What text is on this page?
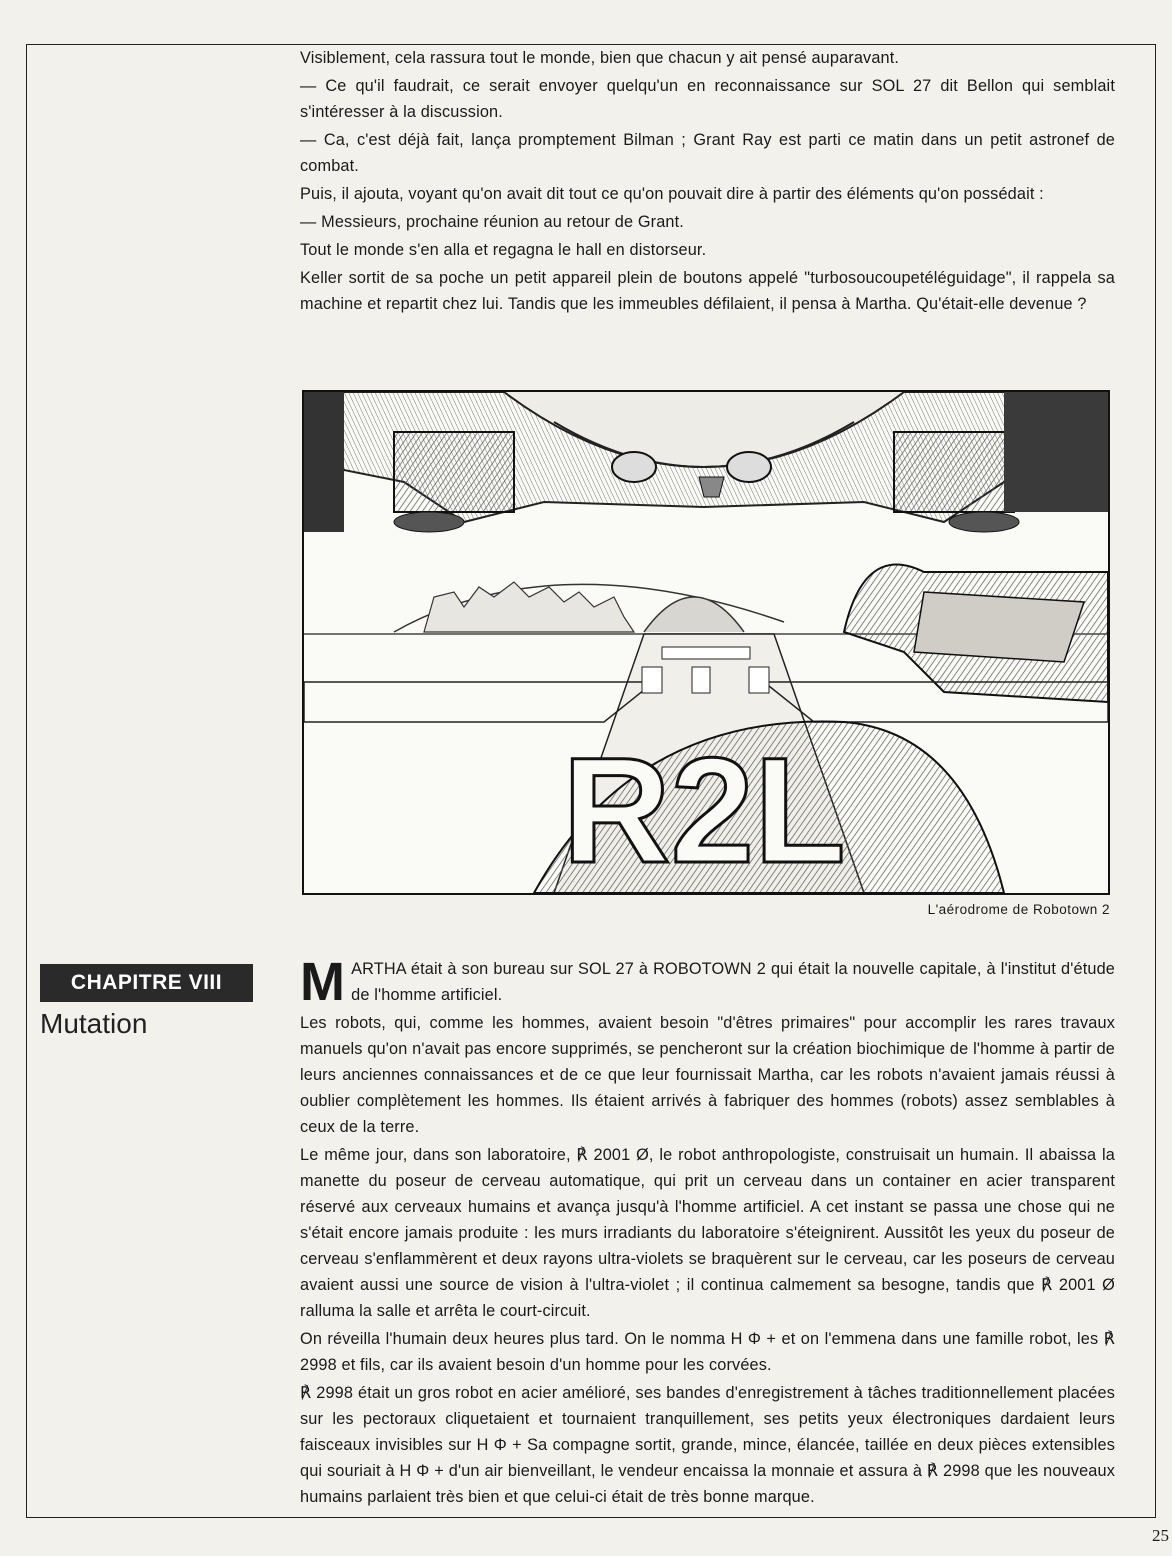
Visiblement, cela rassura tout le monde, bien que chacun y ait pensé auparavant.

— Ce qu'il faudrait, ce serait envoyer quelqu'un en reconnaissance sur SOL 27 dit Bellon qui semblait s'intéresser à la discussion.

— Ca, c'est déjà fait, lança promptement Bilman ; Grant Ray est parti ce matin dans un petit astronef de combat.

Puis, il ajouta, voyant qu'on avait dit tout ce qu'on pouvait dire à partir des éléments qu'on possédait :

— Messieurs, prochaine réunion au retour de Grant.

Tout le monde s'en alla et regagna le hall en distorseur.

Keller sortit de sa poche un petit appareil plein de boutons appelé "turbosoucoupetéléguidage", il rappela sa machine et repartit chez lui. Tandis que les immeubles défilaient, il pensa à Martha. Qu'était-elle devenue ?

R2L
L'aérodrome de Robotown 2
CHAPITRE VIII
Mutation

MARTHA était à son bureau sur SOL 27 à ROBOTOWN 2 qui était la nouvelle capitale, à l'institut d'étude de l'homme artificiel.

Les robots, qui, comme les hommes, avaient besoin "d'êtres primaires" pour accomplir les rares travaux manuels qu'on n'avait pas encore supprimés, se pencheront sur la création biochimique de l'homme à partir de leurs anciennes connaissances et de ce que leur fournissait Martha, car les robots n'avaient jamais réussi à oublier complètement les hommes. Ils étaient arrivés à fabriquer des hommes (robots) assez semblables à ceux de la terre.

Le même jour, dans son laboratoire, ℟ 2001 Ø, le robot anthropologiste, construisait un humain. Il abaissa la manette du poseur de cerveau automatique, qui prit un cerveau dans un container en acier transparent réservé aux cerveaux humains et avança jusqu'à l'homme artificiel. A cet instant se passa une chose qui ne s'était encore jamais produite : les murs irradiants du laboratoire s'éteignirent. Aussitôt les yeux du poseur de cerveau s'enflammèrent et deux rayons ultra-violets se braquèrent sur le cerveau, car les poseurs de cerveau avaient aussi une source de vision à l'ultra-violet ; il continua calmement sa besogne, tandis que ℟ 2001 Ø ralluma la salle et arrêta le court-circuit.

On réveilla l'humain deux heures plus tard. On le nomma H Φ + et on l'emmena dans une famille robot, les ℟ 2998 et fils, car ils avaient besoin d'un homme pour les corvées.

℟ 2998 était un gros robot en acier amélioré, ses bandes d'enregistrement à tâches traditionnellement placées sur les pectoraux cliquetaient et tournaient tranquillement, ses petits yeux électroniques dardaient leurs faisceaux invisibles sur H Φ + Sa compagne sortit, grande, mince, élancée, taillée en deux pièces extensibles qui souriait à H Φ + d'un air bienveillant, le vendeur encaissa la monnaie et assura à ℟ 2998 que les nouveaux humains parlaient très bien et que celui-ci était de très bonne marque.

25
